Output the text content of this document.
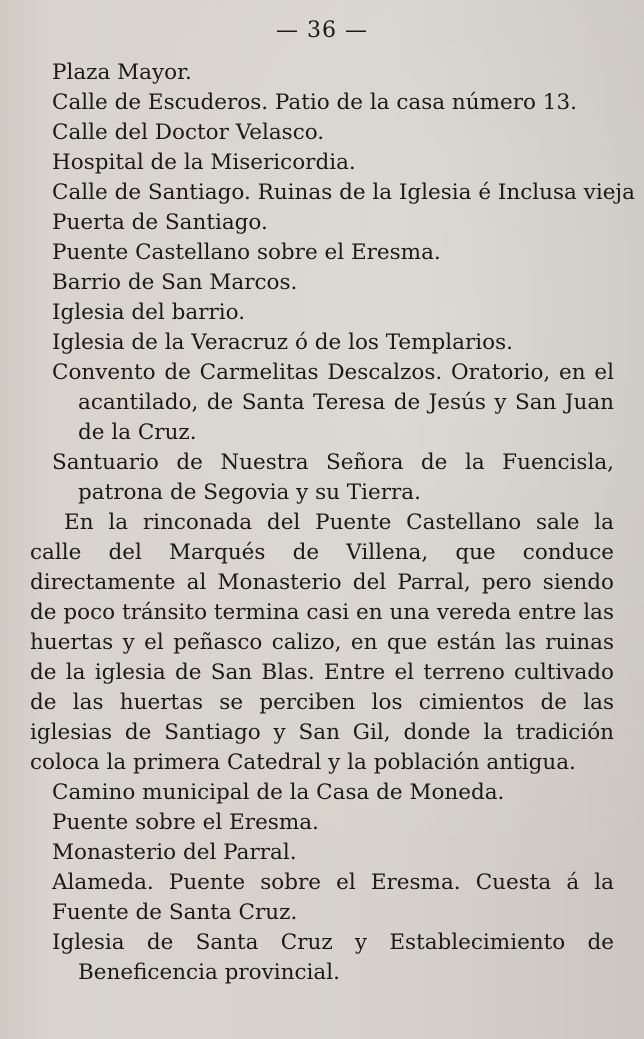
— 36 —

Plaza Mayor.

Calle de Escuderos. Patio de la casa número 13.

Calle del Doctor Velasco.

Hospital de la Misericordia.

Calle de Santiago. Ruinas de la Iglesia é Inclusa vieja

Puerta de Santiago.

Puente Castellano sobre el Eresma.

Barrio de San Marcos.

Iglesia del barrio.

Iglesia de la Veracruz ó de los Templarios.

Convento de Carmelitas Descalzos. Oratorio, en el acantilado, de Santa Teresa de Jesús y San Juan de la Cruz.

Santuario de Nuestra Señora de la Fuencisla, patrona de Segovia y su Tierra.

En la rinconada del Puente Castellano sale la calle del Marqués de Villena, que conduce directamente al Monasterio del Parral, pero siendo de poco tránsito termina casi en una vereda entre las huertas y el peñasco calizo, en que están las ruinas de la iglesia de San Blas. Entre el terreno cultivado de las huertas se perciben los cimientos de las iglesias de Santiago y San Gil, donde la tradición coloca la primera Catedral y la población antigua.

Camino municipal de la Casa de Moneda.

Puente sobre el Eresma.

Monasterio del Parral.

Alameda. Puente sobre el Eresma. Cuesta á la Fuente de Santa Cruz.

Iglesia de Santa Cruz y Establecimiento de Beneficencia provincial.
